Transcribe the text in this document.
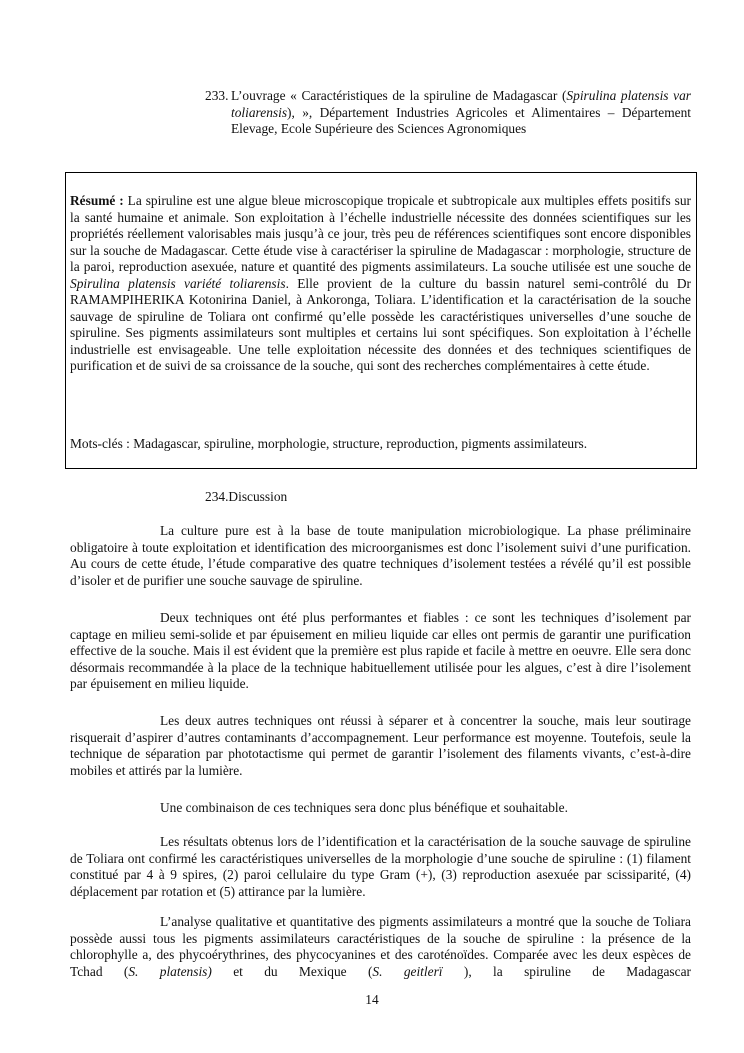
233. L’ouvrage « Caractéristiques de la spiruline de Madagascar (Spirulina platensis var toliarensis), », Département Industries Agricoles et Alimentaires – Département Elevage, Ecole Supérieure des Sciences Agronomiques
Résumé : La spiruline est une algue bleue microscopique tropicale et subtropicale aux multiples effets positifs sur la santé humaine et animale. Son exploitation à l’échelle industrielle nécessite des données scientifiques sur les propriétés réellement valorisables mais jusqu’à ce jour, très peu de références scientifiques sont encore disponibles sur la souche de Madagascar. Cette étude vise à caractériser la spiruline de Madagascar : morphologie, structure de la paroi, reproduction asexuée, nature et quantité des pigments assimilateurs. La souche utilisée est une souche de Spirulina platensis variété toliarensis. Elle provient de la culture du bassin naturel semi-contrôlé du Dr RAMAMPIHERIKA Kotonirina Daniel, à Ankoronga, Toliara. L’identification et la caractérisation de la souche sauvage de spiruline de Toliara ont confirmé qu’elle possède les caractéristiques universelles d’une souche de spiruline. Ses pigments assimilateurs sont multiples et certains lui sont spécifiques. Son exploitation à l’échelle industrielle est envisageable. Une telle exploitation nécessite des données et des techniques scientifiques de purification et de suivi de sa croissance de la souche, qui sont des recherches complémentaires à cette étude.
Mots-clés : Madagascar, spiruline, morphologie, structure, reproduction, pigments assimilateurs.
234.Discussion
La culture pure est à la base de toute manipulation microbiologique. La phase préliminaire obligatoire à toute exploitation et identification des microorganismes est donc l’isolement suivi d’une purification. Au cours de cette étude, l’étude comparative des quatre techniques d’isolement testées a révélé qu’il est possible d’isoler et de purifier une souche sauvage de spiruline.
Deux techniques ont été plus performantes et fiables : ce sont les techniques d’isolement par captage en milieu semi-solide et par épuisement en milieu liquide car elles ont permis de garantir une purification effective de la souche. Mais il est évident que la première est plus rapide et facile à mettre en oeuvre. Elle sera donc désormais recommandée à la place de la technique habituellement utilisée pour les algues, c’est à dire l’isolement par épuisement en milieu liquide.
Les deux autres techniques ont réussi à séparer et à concentrer la souche, mais leur soutirage risquerait d’aspirer d’autres contaminants d’accompagnement. Leur performance est moyenne. Toutefois, seule la technique de séparation par phototactisme qui permet de garantir l’isolement des filaments vivants, c’est-à-dire mobiles et attirés par la lumière.
Une combinaison de ces techniques sera donc plus bénéfique et souhaitable.
Les résultats obtenus lors de l’identification et la caractérisation de la souche sauvage de spiruline de Toliara ont confirmé les caractéristiques universelles de la morphologie d’une souche de spiruline : (1) filament constitué par 4 à 9 spires, (2) paroi cellulaire du type Gram (+), (3) reproduction asexuée par scissiparité, (4) déplacement par rotation et (5) attirance par la lumière.
L’analyse qualitative et quantitative des pigments assimilateurs a montré que la souche de Toliara possède aussi tous les pigments assimilateurs caractéristiques de la souche de spiruline : la présence de la chlorophylle a, des phycoérythrines, des phycocyanines et des caroténoïdes. Comparée avec les deux espèces de Tchad (S. platensis) et du Mexique (S. geitlerï ), la spiruline de Madagascar
14
